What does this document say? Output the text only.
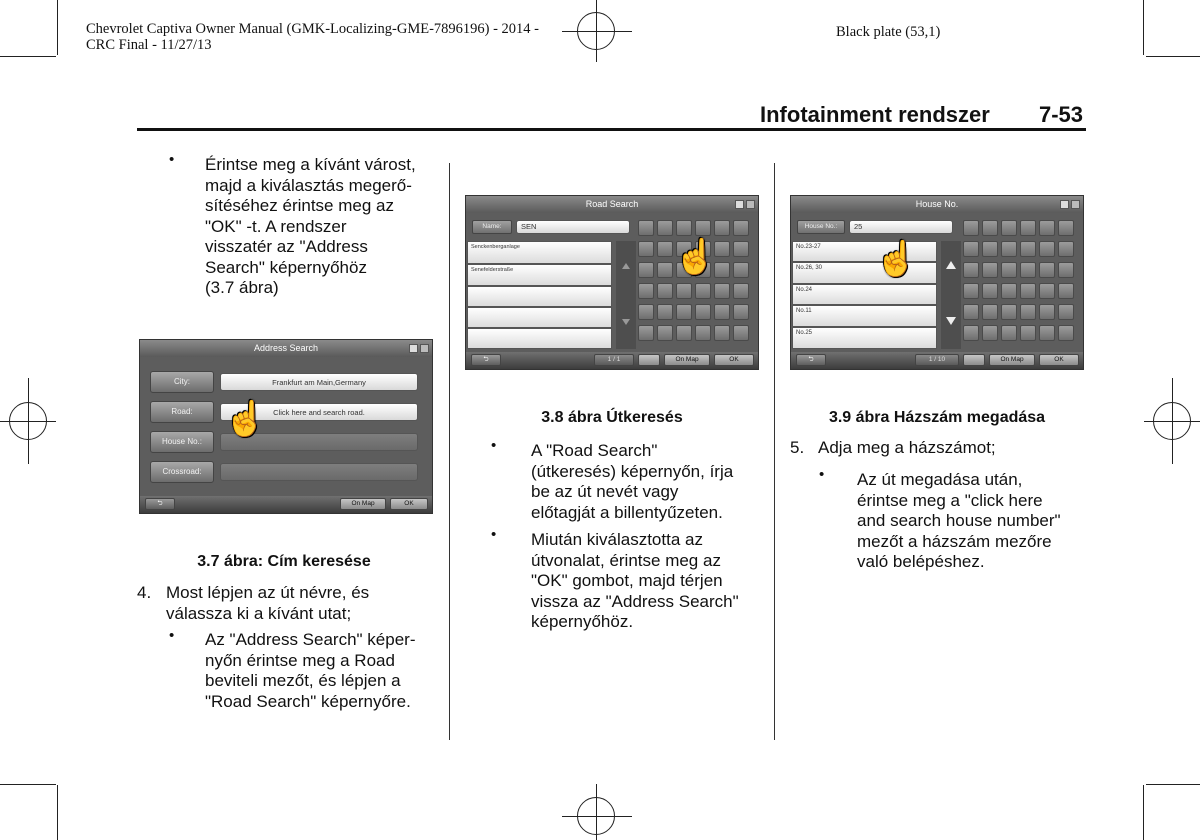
Chevrolet Captiva Owner Manual (GMK-Localizing-GME-7896196) - 2014 -
CRC Final - 11/27/13
Black plate (53,1)
Infotainment rendszer 7-53
• Érintse meg a kívánt várost,
majd a kiválasztás megerő-
sítéséhez érintse meg az
"OK" -t. A rendszer
visszatér az "Address
Search" képernyőhöz
(3.7 ábra)
Address Search
City:	Frankfurt am Main,Germany
Road:	Click here and search road.
House No.:
Crossroad:
☝
⮌	On Map	OK
3.7 ábra: Cím keresése
4. Most lépjen az út névre, és
válassza ki a kívánt utat;
• Az "Address Search" képer-
nyőn érintse meg a Road
beviteli mezőt, és lépjen a
"Road Search" képernyőre.
Road Search
Name:	SEN
Senckenberganlage
Senefelderstraße	☝
⮌	1 / 1	On Map	OK
3.8 ábra Útkeresés
• A "Road Search"
(útkeresés) képernyőn, írja
be az út nevét vagy
előtagját a billentyűzeten.
• Miután kiválasztotta az
útvonalat, érintse meg az
"OK" gombot, majd térjen
vissza az "Address Search"
képernyőhöz.
House No.
House No.:	25
No.23-27
No.26, 30
No.24
No.11
No.25
☝
⮌	1 / 10	On Map	OK
3.9 ábra Házszám megadása
5. Adja meg a házszámot;
• Az út megadása után,
érintse meg a "click here
and search house number"
mezőt a házszám mezőre
való belépéshez.
